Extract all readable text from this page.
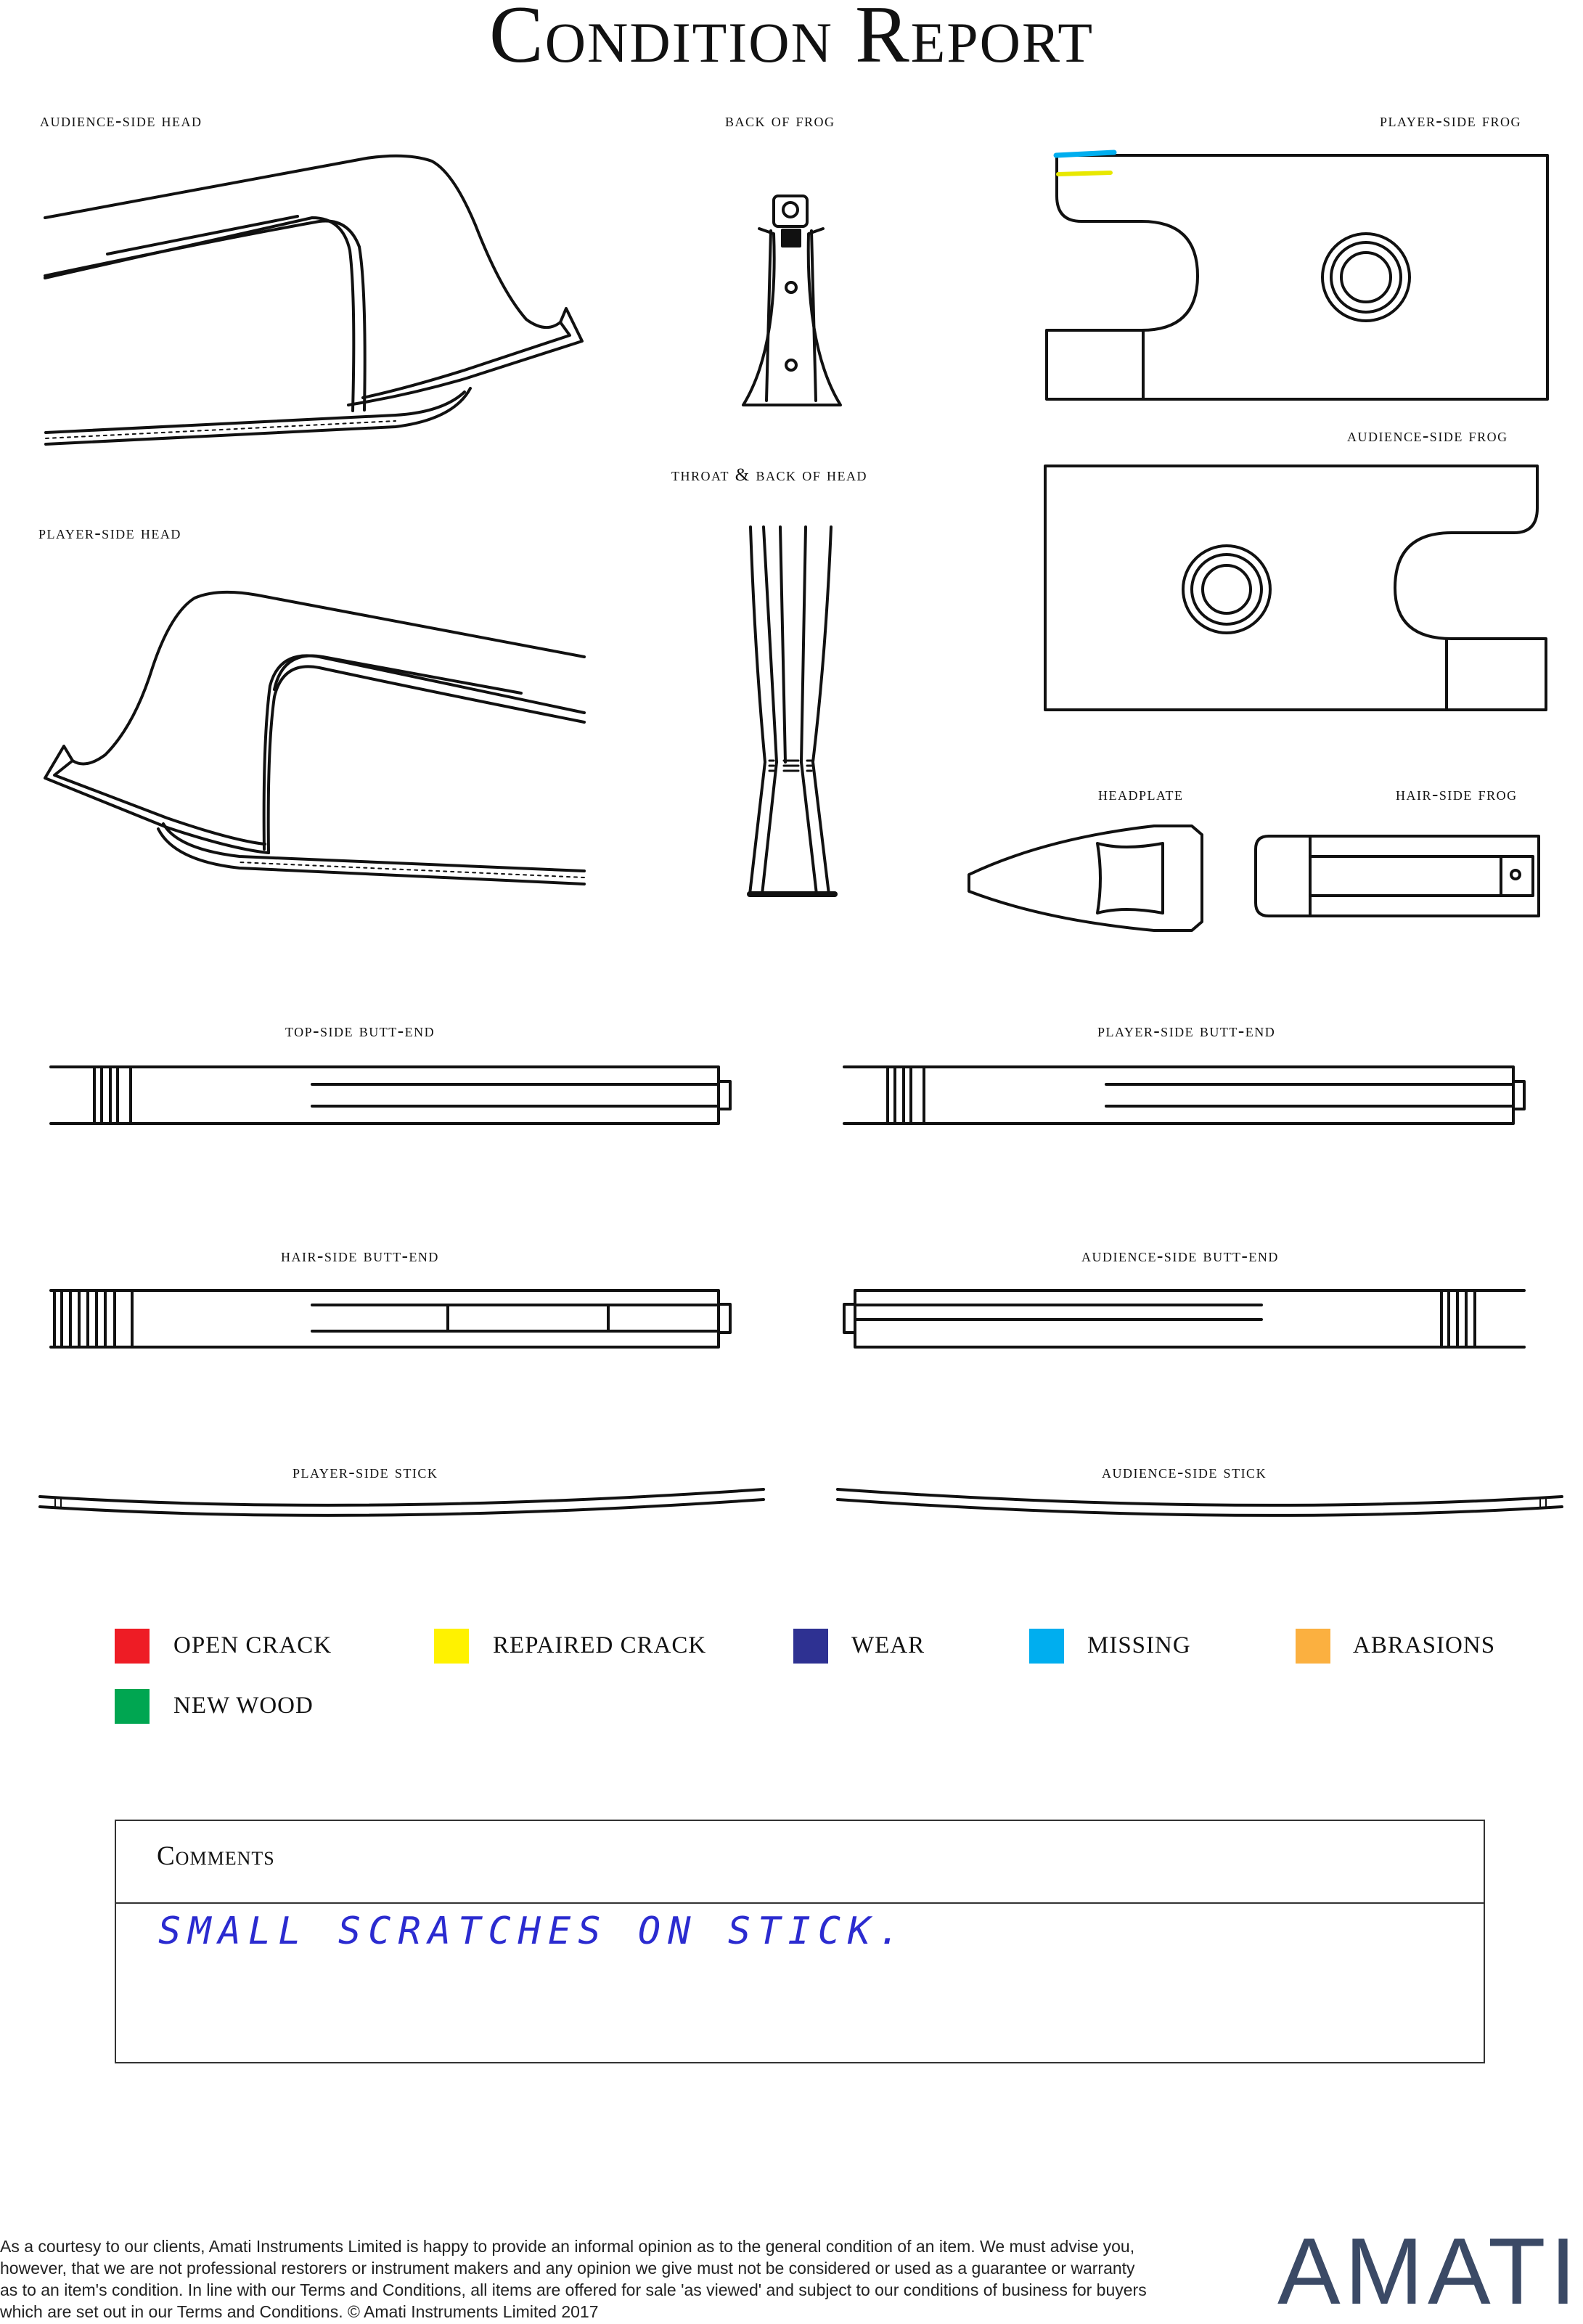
Condition Report
audience-side head	back of frog	player-side frog
throat & back of head
audience-side frog
player-side head
headplate	hair-side frog
top-side butt-end	player-side butt-end
hair-side butt-end	audience-side butt-end
player-side stick	audience-side stick
OPEN CRACK	REPAIRED CRACK	WEAR	MISSING	ABRASIONS
NEW WOOD
Comments
SMALL SCRATCHES ON STICK.
As a courtesy to our clients, Amati Instruments Limited is happy to provide an informal opinion as to the general condition of an item. We must advise you, however, that we are not professional restorers or instrument makers and any opinion we give must not be considered or used as a guarantee or warranty as to an item's condition. In line with our Terms and Conditions, all items are offered for sale 'as viewed' and subject to our conditions of business for buyers which are set out in our Terms and Conditions. © Amati Instruments Limited 2017	AMATI
